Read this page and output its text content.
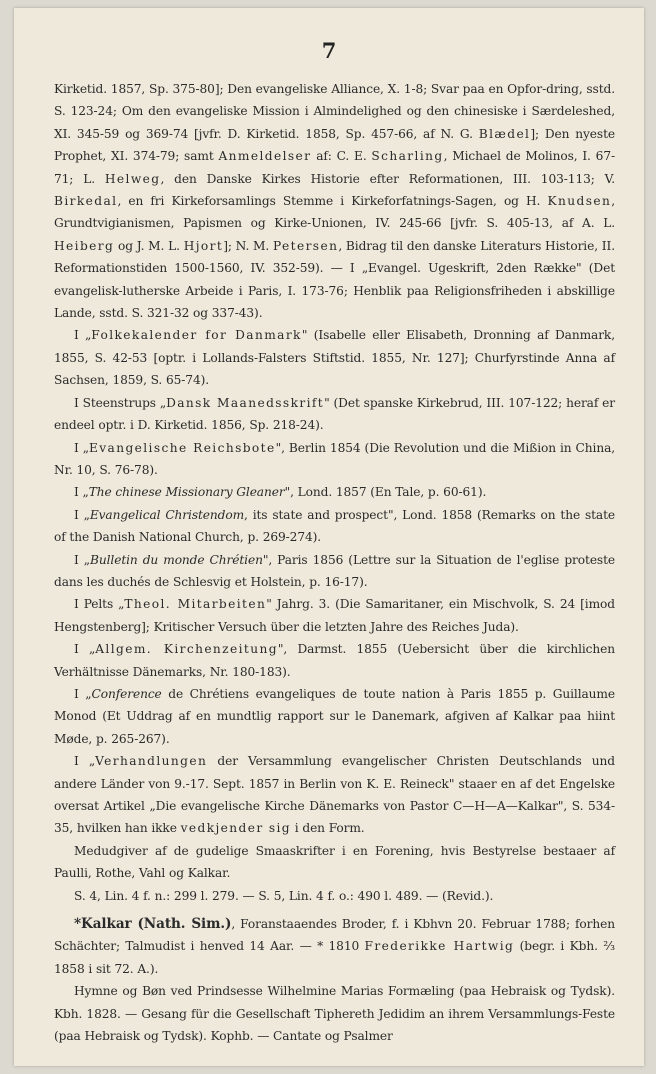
7

Kirketid. 1857, Sp. 375-80]; Den evangeliske Alliance, X. 1-8; Svar paa en Opfor-dring, sstd. S. 123-24; Om den evangeliske Mission i Almindelighed og den chinesiske i Særdeleshed, XI. 345-59 og 369-74 [jvfr. D. Kirketid. 1858, Sp. 457-66, af N. G. Blædel]; Den nyeste Prophet, XI. 374-79; samt Anmeldelser af: C. E. Scharling, Michael de Molinos, I. 67-71; L. Helweg, den Danske Kirkes Historie efter Reformationen, III. 103-113; V. Birkedal, en fri Kirkeforsamlings Stemme i Kirkeforfatnings-Sagen, og H. Knudsen, Grundtvigianismen, Papismen og Kirke-Unionen, IV. 245-66 [jvfr. S. 405-13, af A. L. Heiberg og J. M. L. Hjort]; N. M. Petersen, Bidrag til den danske Literaturs Historie, II. Reformationstiden 1500-1560, IV. 352-59). — I „Evangel. Ugeskrift, 2den Række" (Det evangelisk-lutherske Arbeide i Paris, I. 173-76; Henblik paa Religionsfriheden i abskillige Lande, sstd. S. 321-32 og 337-43).

I „Folkekalender for Danmark" (Isabelle eller Elisabeth, Dronning af Danmark, 1855, S. 42-53 [optr. i Lollands-Falsters Stiftstid. 1855, Nr. 127]; Churfyrstinde Anna af Sachsen, 1859, S. 65-74).

I Steenstrups „Dansk Maanedsskrift" (Det spanske Kirkebrud, III. 107-122; heraf er endeel optr. i D. Kirketid. 1856, Sp. 218-24).

I „Evangelische Reichsbote", Berlin 1854 (Die Revolution und die Mißion in China, Nr. 10, S. 76-78).

I „The chinese Missionary Gleaner", Lond. 1857 (En Tale, p. 60-61).

I „Evangelical Christendom, its state and prospect", Lond. 1858 (Remarks on the state of the Danish National Church, p. 269-274).

I „Bulletin du monde Chrétien", Paris 1856 (Lettre sur la Situation de l'eglise proteste dans les duchés de Schlesvig et Holstein, p. 16-17).

I Pelts „Theol. Mitarbeiten" Jahrg. 3. (Die Samaritaner, ein Mischvolk, S. 24 [imod Hengstenberg]; Kritischer Versuch über die letzten Jahre des Reiches Juda).

I „Allgem. Kirchenzeitung", Darmst. 1855 (Uebersicht über die kirchlichen Verhältnisse Dänemarks, Nr. 180-183).

I „Conference de Chrétiens evangeliques de toute nation à Paris 1855 p. Guillaume Monod (Et Uddrag af en mundtlig rapport sur le Danemark, afgiven af Kalkar paa hiint Møde, p. 265-267).

I „Verhandlungen der Versammlung evangelischer Christen Deutschlands und andere Länder von 9.-17. Sept. 1857 in Berlin von K. E. Reineck" staaer en af det Engelske oversat Artikel „Die evangelische Kirche Dänemarks von Pastor C—H—A—Kalkar", S. 534-35, hvilken han ikke vedkjender sig i den Form.

Medudgiver af de gudelige Smaaskrifter i en Forening, hvis Bestyrelse bestaaer af Paulli, Rothe, Vahl og Kalkar.

S. 4, Lin. 4 f. n.: 299 l. 279. — S. 5, Lin. 4 f. o.: 490 l. 489. — (Revid.).

*Kalkar (Nath. Sim.), Foranstaaendes Broder, f. i Kbhvn 20. Februar 1788; forhen Schächter; Talmudist i henved 14 Aar. — * 1810 Frederikke Hartwig (begr. i Kbh. ⅔ 1858 i sit 72. A.).

Hymne og Bøn ved Prindsesse Wilhelmine Marias Formæling (paa Hebraisk og Tydsk). Kbh. 1828. — Gesang für die Gesellschaft Tiphereth Jedidim an ihrem Versammlungs-Feste (paa Hebraisk og Tydsk). Kophb. — Cantate og Psalmer
